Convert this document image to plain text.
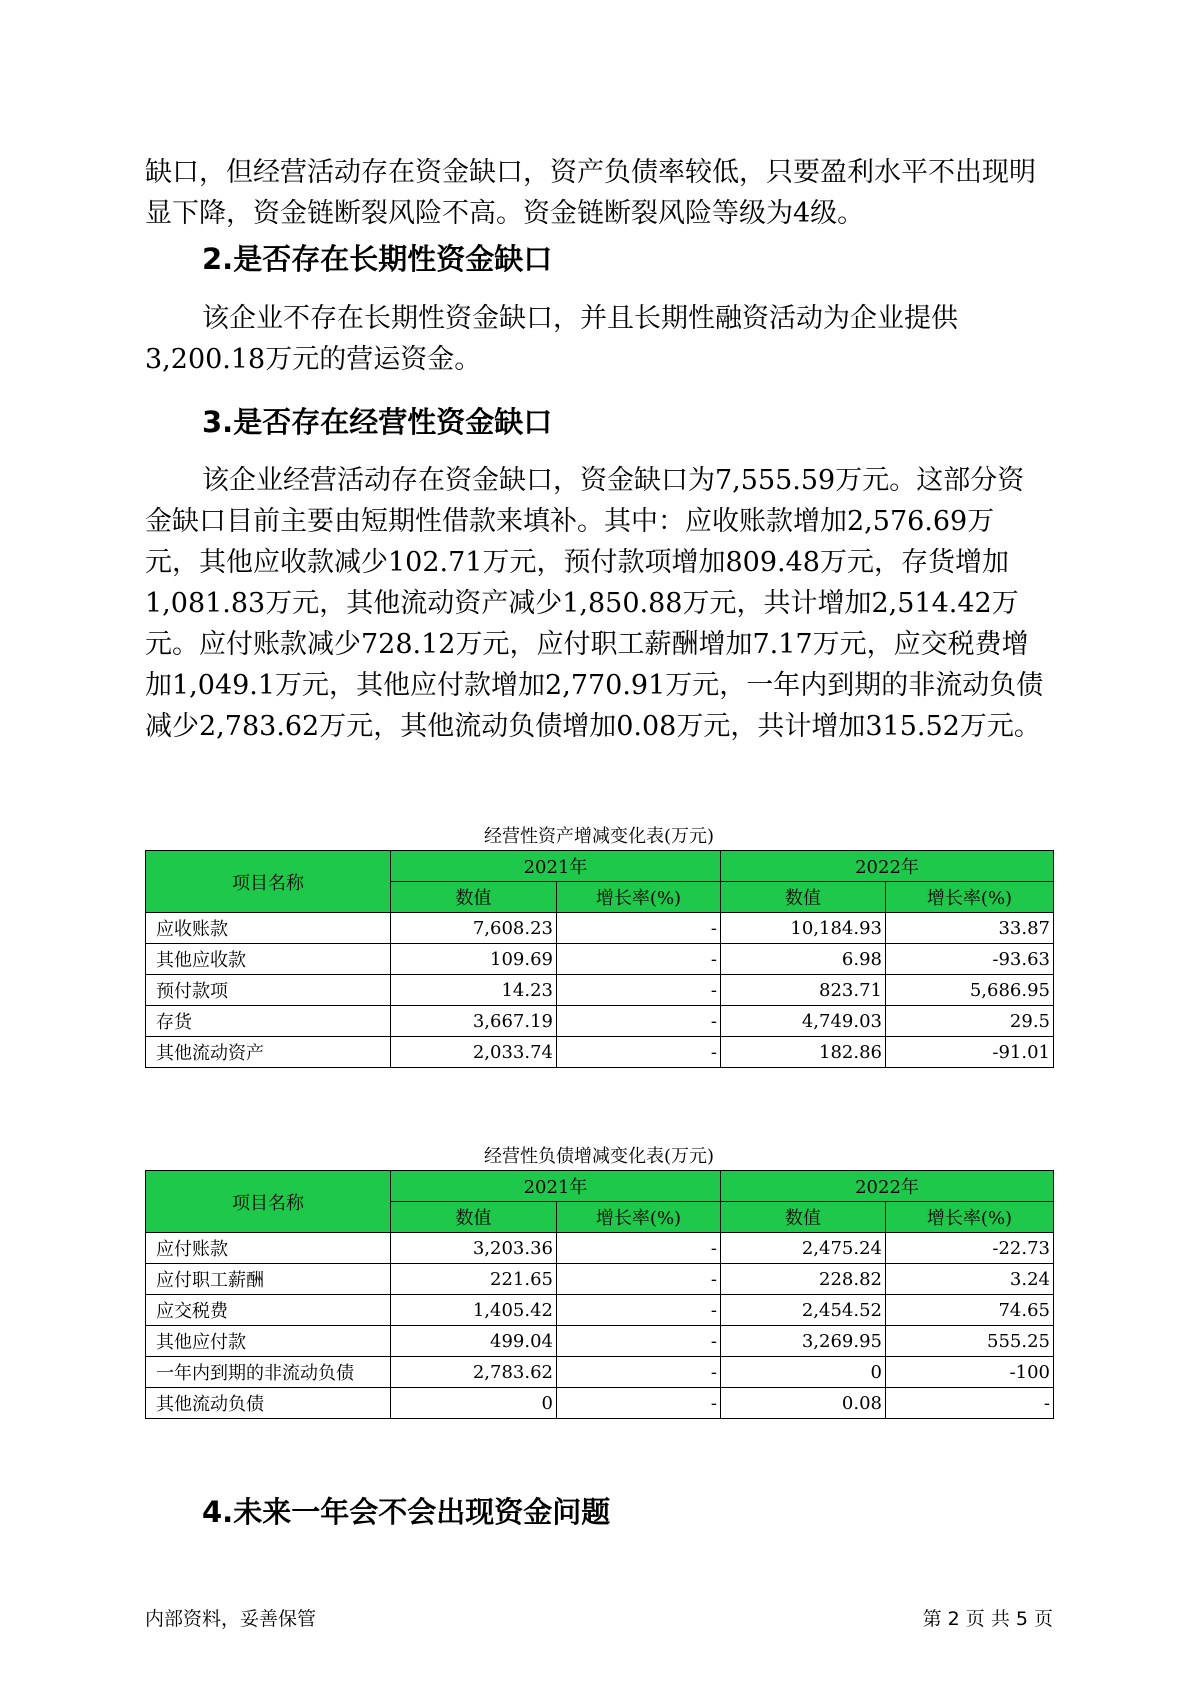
缺口，但经营活动存在资金缺口，资产负债率较低，只要盈利水平不出现明显下降，资金链断裂风险不高。资金链断裂风险等级为4级。

2.是否存在长期性资金缺口

该企业不存在长期性资金缺口，并且长期性融资活动为企业提供3,200.18万元的营运资金。

3.是否存在经营性资金缺口

该企业经营活动存在资金缺口，资金缺口为7,555.59万元。这部分资金缺口目前主要由短期性借款来填补。其中：应收账款增加2,576.69万元，其他应收款减少102.71万元，预付款项增加809.48万元，存货增加1,081.83万元，其他流动资产减少1,850.88万元，共计增加2,514.42万元。应付账款减少728.12万元，应付职工薪酬增加7.17万元，应交税费增加1,049.1万元，其他应付款增加2,770.91万元，一年内到期的非流动负债减少2,783.62万元，其他流动负债增加0.08万元，共计增加315.52万元。

经营性资产增减变化表(万元)
项目名称	2021年		2022年	
	数值	增长率(%)	数值	增长率(%)
应收账款	7,608.23	-	10,184.93	33.87
其他应收款	109.69	-	6.98	-93.63
预付款项	14.23	-	823.71	5,686.95
存货	3,667.19	-	4,749.03	29.5
其他流动资产	2,033.74	-	182.86	-91.01
经营性负债增减变化表(万元)
项目名称	2021年		2022年	
	数值	增长率(%)	数值	增长率(%)
应付账款	3,203.36	-	2,475.24	-22.73
应付职工薪酬	221.65	-	228.82	3.24
应交税费	1,405.42	-	2,454.52	74.65
其他应付款	499.04	-	3,269.95	555.25
一年内到期的非流动负债	2,783.62	-	0	-100
其他流动负债	0	-	0.08	-
4.未来一年会不会出现资金问题
内部资料，妥善保管	第 2 页 共 5 页
